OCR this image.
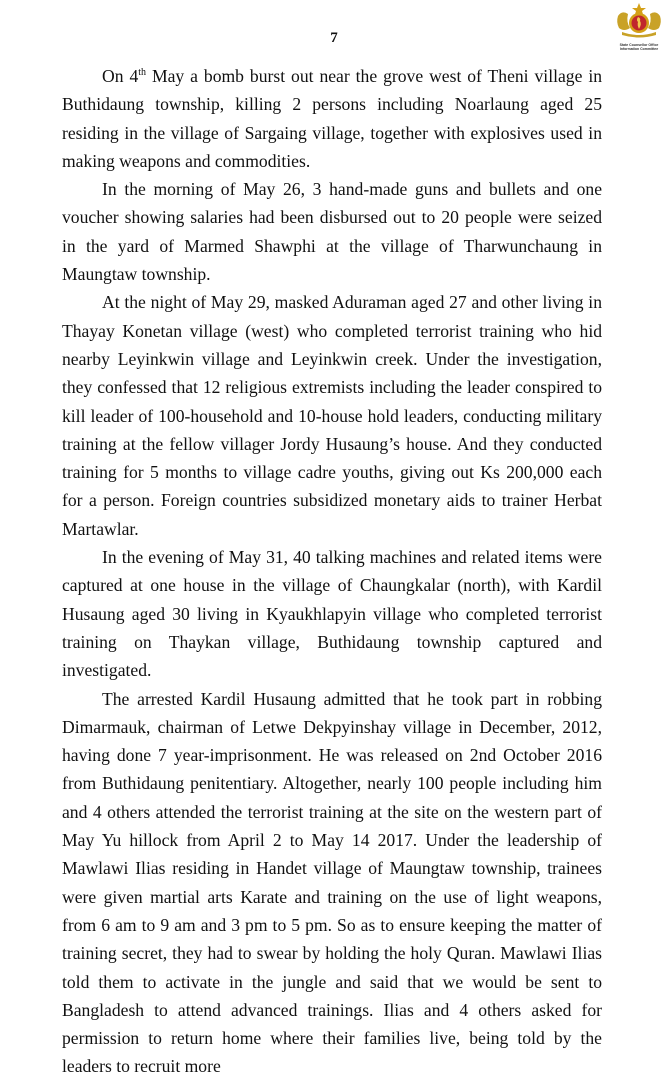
State Counsellor Office
Information Committee
7

On 4th May a bomb burst out near the grove west of Theni village in Buthidaung township, killing 2 persons including Noarlaung aged 25 residing in the village of Sargaing village, together with explosives used in making weapons and commodities.

In the morning of May 26, 3 hand-made guns and bullets and one voucher showing salaries had been disbursed out to 20 people were seized in the yard of Marmed Shawphi at the village of Tharwunchaung in Maungtaw township.

At the night of May 29, masked Aduraman aged 27 and other living in Thayay Konetan village (west) who completed terrorist training who hid nearby Leyinkwin village and Leyinkwin creek. Under the investigation, they confessed that 12 religious extremists including the leader conspired to kill leader of 100-household and 10-house hold leaders, conducting military training at the fellow villager Jordy Husaung’s house. And they conducted training for 5 months to village cadre youths, giving out Ks 200,000 each for a person. Foreign countries subsidized monetary aids to trainer Herbat Martawlar.

In the evening of May 31, 40 talking machines and related items were captured at one house in the village of Chaungkalar (north), with Kardil Husaung aged 30 living in Kyaukhlapyin village who completed terrorist training on Thaykan village, Buthidaung township captured and investigated.

The arrested Kardil Husaung admitted that he took part in robbing Dimarmauk, chairman of Letwe Dekpyinshay village in December, 2012, having done 7 year-imprisonment. He was released on 2nd October 2016 from Buthidaung penitentiary. Altogether, nearly 100 people including him and 4 others attended the terrorist training at the site on the western part of May Yu hillock from April 2 to May 14 2017. Under the leadership of Mawlawi Ilias residing in Handet village of Maungtaw township, trainees were given martial arts Karate and training on the use of light weapons, from 6 am to 9 am and 3 pm to 5 pm. So as to ensure keeping the matter of training secret, they had to swear by holding the holy Quran. Mawlawi Ilias told them to activate in the jungle and said that we would be sent to Bangladesh to attend advanced trainings. Ilias and 4 others asked for permission to return home where their families live, being told by the leaders to recruit more
